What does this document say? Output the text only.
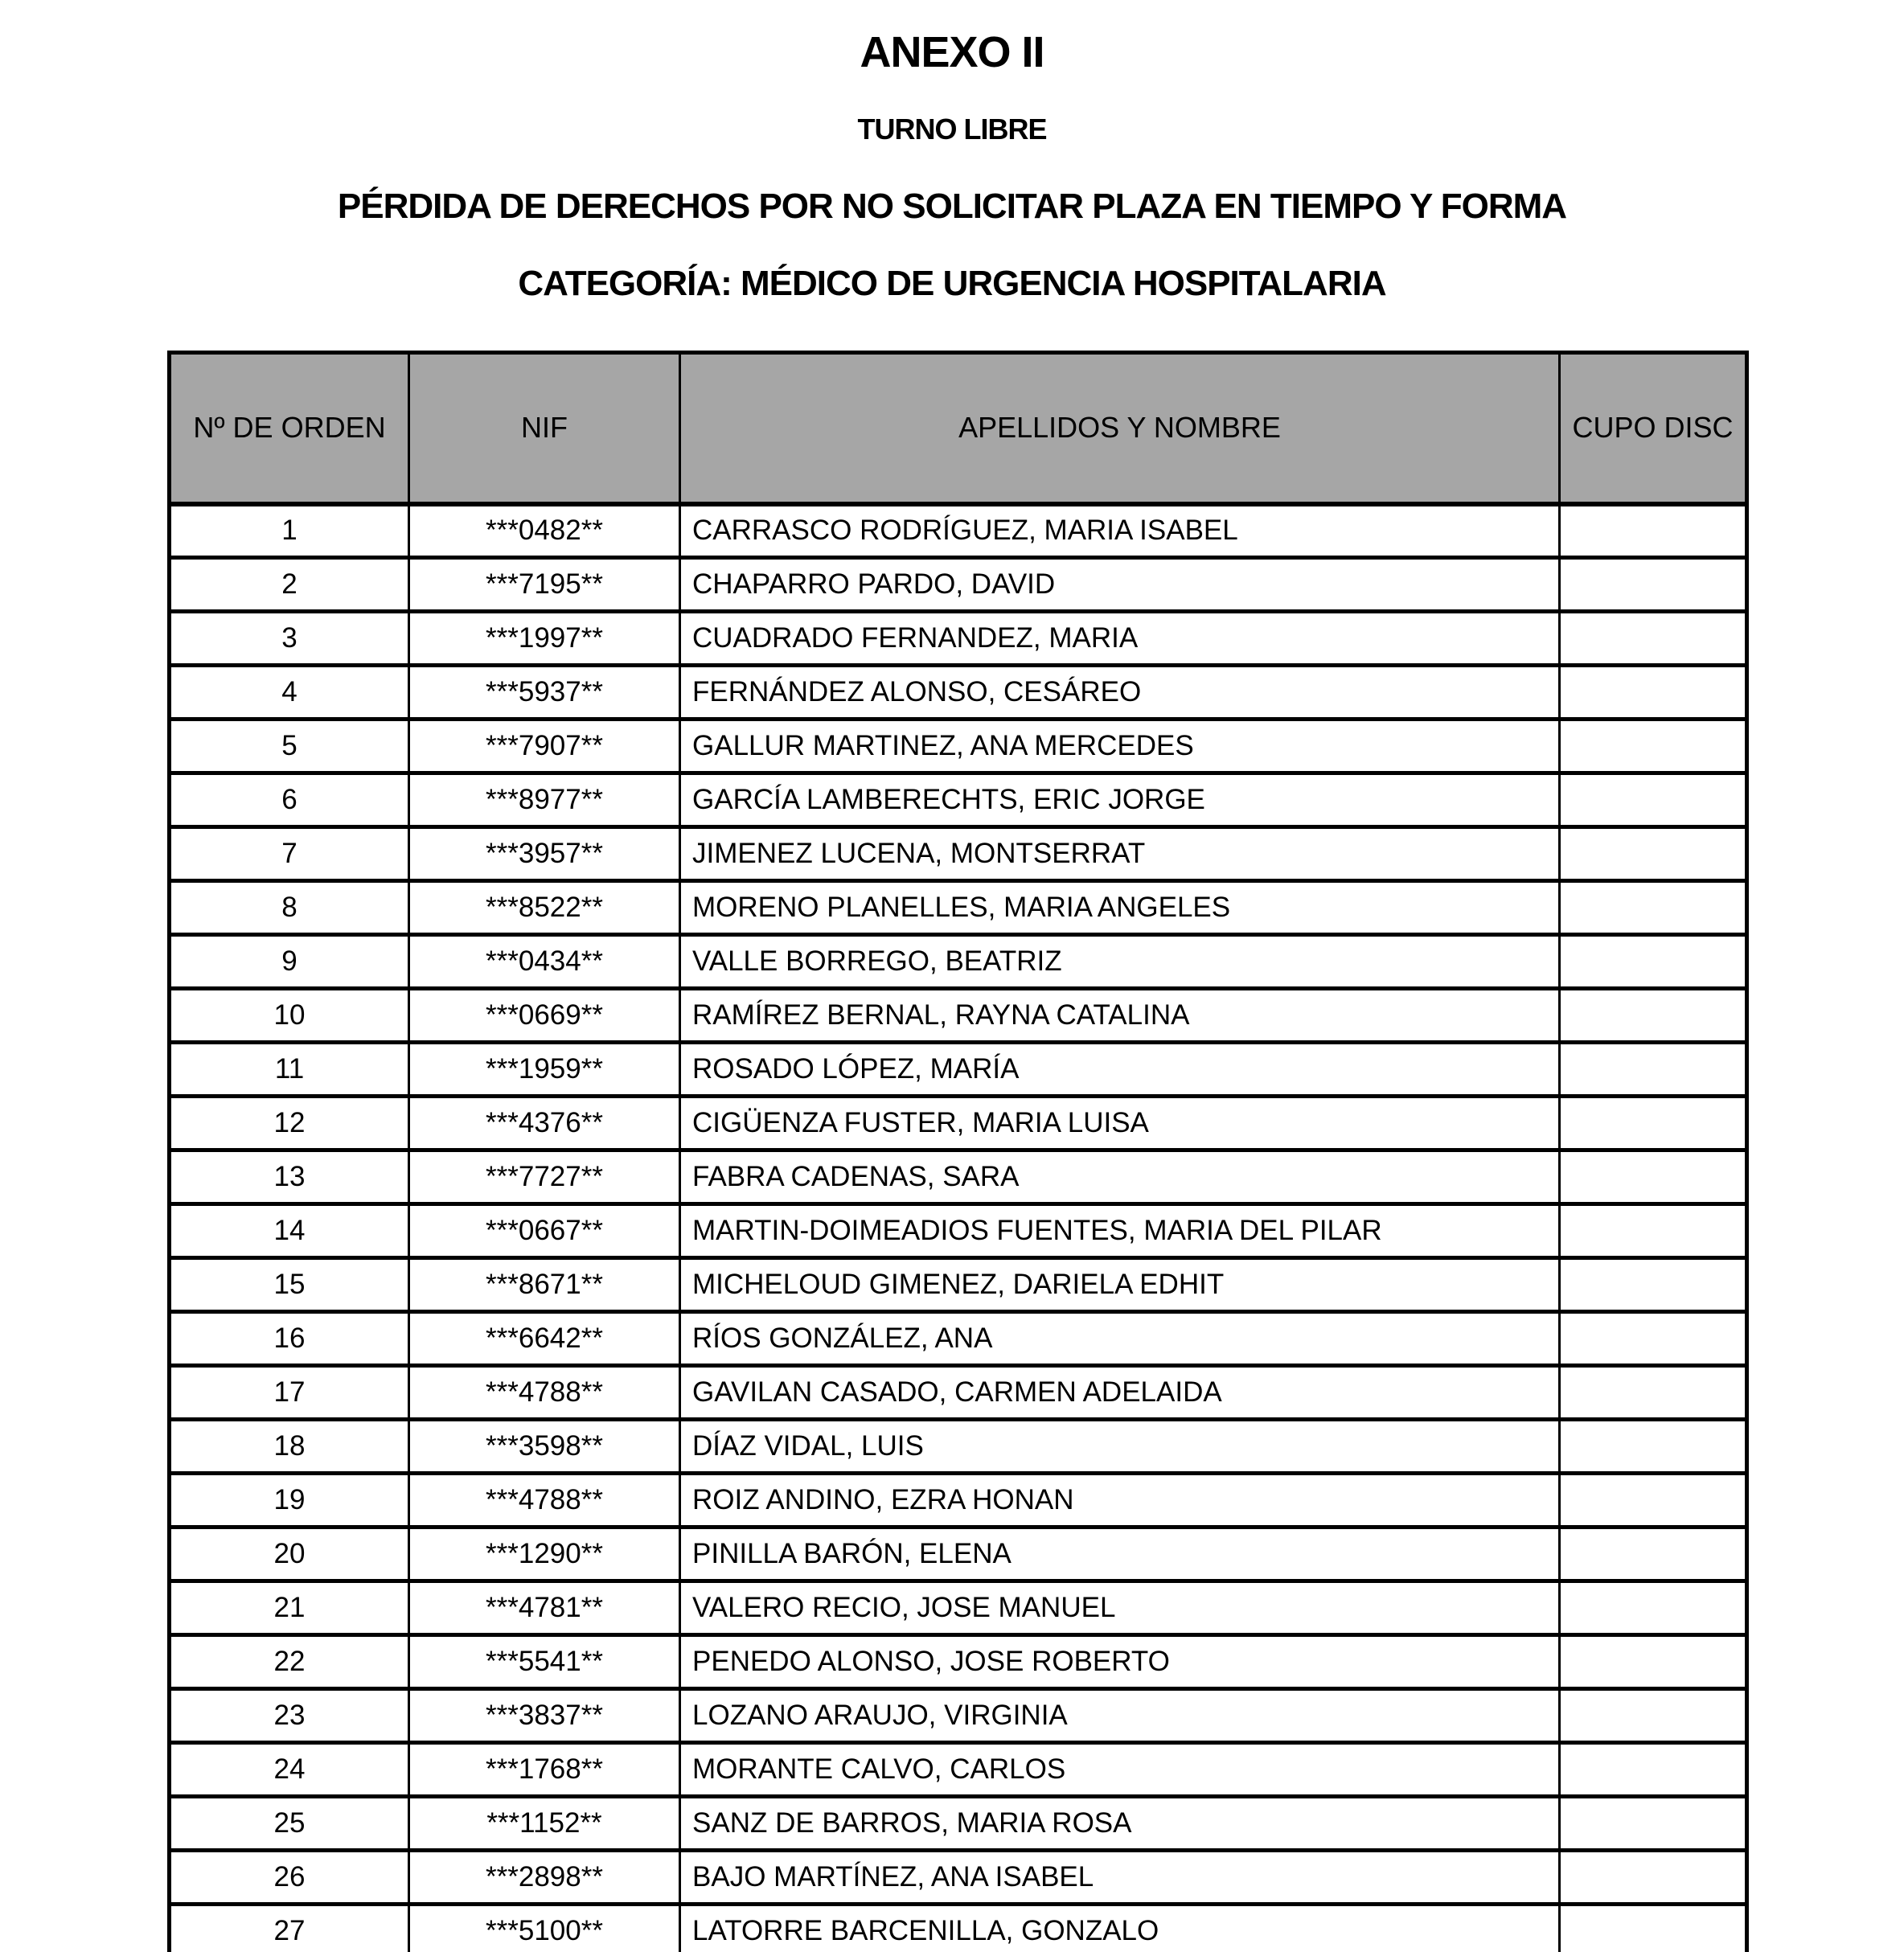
ANEXO II
TURNO LIBRE
PÉRDIDA DE DERECHOS POR NO SOLICITAR PLAZA EN TIEMPO Y FORMA
CATEGORÍA: MÉDICO DE URGENCIA HOSPITALARIA
Nº DE ORDEN	NIF	APELLIDOS Y NOMBRE	CUPO DISC
1	***0482**	CARRASCO RODRÍGUEZ, MARIA ISABEL	
2	***7195**	CHAPARRO PARDO, DAVID	
3	***1997**	CUADRADO FERNANDEZ, MARIA	
4	***5937**	FERNÁNDEZ ALONSO, CESÁREO	
5	***7907**	GALLUR MARTINEZ, ANA MERCEDES	
6	***8977**	GARCÍA LAMBERECHTS, ERIC JORGE	
7	***3957**	JIMENEZ LUCENA, MONTSERRAT	
8	***8522**	MORENO PLANELLES, MARIA ANGELES	
9	***0434**	VALLE BORREGO, BEATRIZ	
10	***0669**	RAMÍREZ BERNAL, RAYNA CATALINA	
11	***1959**	ROSADO LÓPEZ, MARÍA	
12	***4376**	CIGÜENZA FUSTER, MARIA LUISA	
13	***7727**	FABRA CADENAS, SARA	
14	***0667**	MARTIN-DOIMEADIOS FUENTES, MARIA DEL PILAR	
15	***8671**	MICHELOUD GIMENEZ, DARIELA EDHIT	
16	***6642**	RÍOS GONZÁLEZ, ANA	
17	***4788**	GAVILAN CASADO, CARMEN ADELAIDA	
18	***3598**	DÍAZ VIDAL, LUIS	
19	***4788**	ROIZ ANDINO, EZRA HONAN	
20	***1290**	PINILLA BARÓN, ELENA	
21	***4781**	VALERO RECIO, JOSE MANUEL	
22	***5541**	PENEDO ALONSO, JOSE ROBERTO	
23	***3837**	LOZANO ARAUJO, VIRGINIA	
24	***1768**	MORANTE CALVO, CARLOS	
25	***1152**	SANZ DE BARROS, MARIA ROSA	
26	***2898**	BAJO MARTÍNEZ, ANA ISABEL	
27	***5100**	LATORRE BARCENILLA, GONZALO	
